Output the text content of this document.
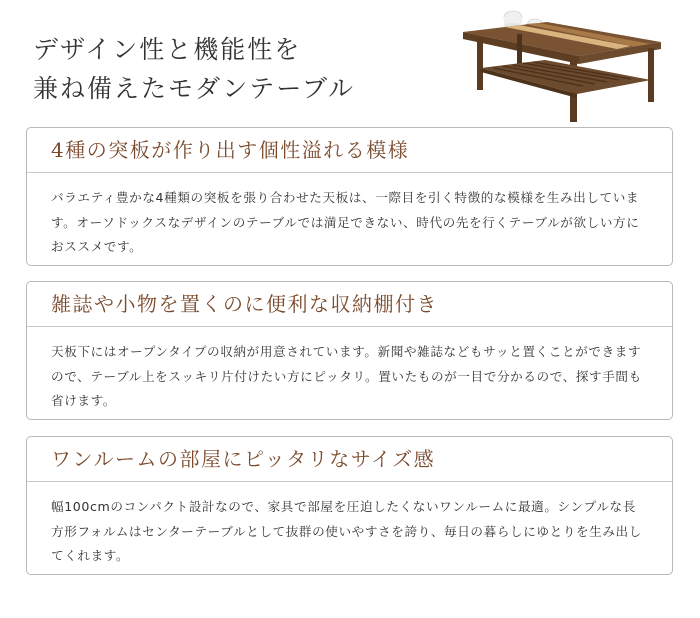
デザイン性と機能性を
兼ね備えたモダンテーブル
4種の突板が作り出す個性溢れる模様

バラエティ豊かな4種類の突板を張り合わせた天板は、一際目を引く特徴的な模様を生み出しています。オーソドックスなデザインのテーブルでは満足できない、時代の先を行くテーブルが欲しい方におススメです。

雑誌や小物を置くのに便利な収納棚付き

天板下にはオープンタイプの収納が用意されています。新聞や雑誌などもサッと置くことができますので、テーブル上をスッキリ片付けたい方にピッタリ。置いたものが一目で分かるので、探す手間も省けます。

ワンルームの部屋にピッタリなサイズ感

幅100cmのコンパクト設計なので、家具で部屋を圧迫したくないワンルームに最適。シンプルな長方形フォルムはセンターテーブルとして抜群の使いやすさを誇り、毎日の暮らしにゆとりを生み出してくれます。
